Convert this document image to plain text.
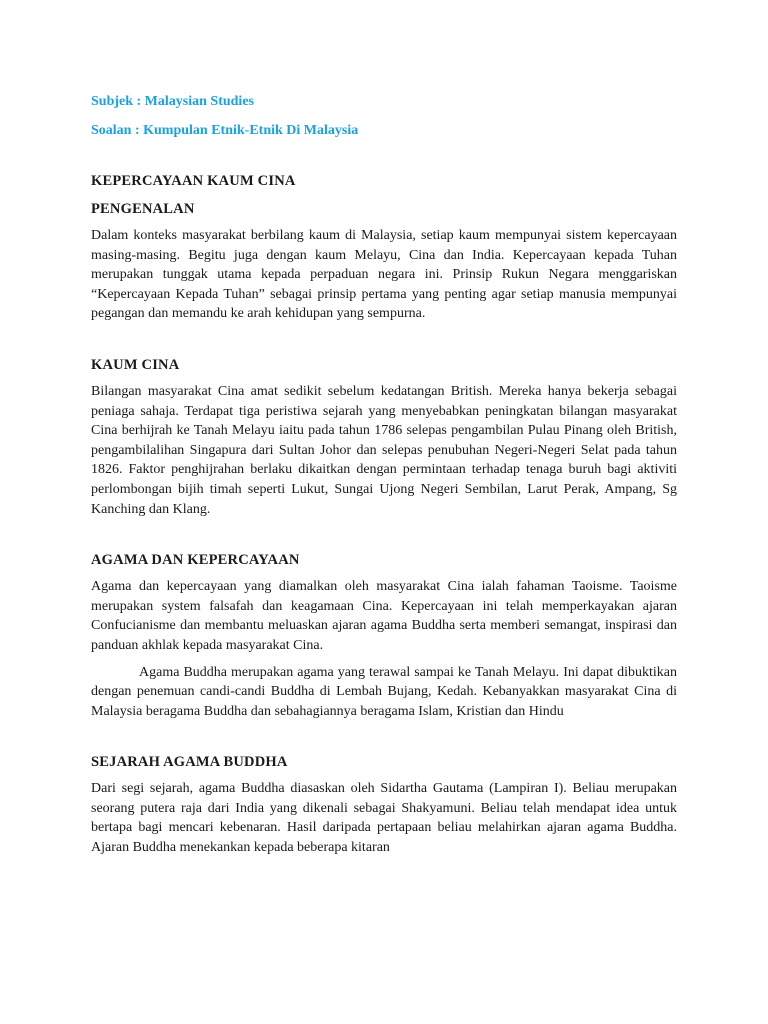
Subjek : Malaysian Studies

Soalan : Kumpulan Etnik-Etnik Di Malaysia

KEPERCAYAAN KAUM CINA
PENGENALAN

Dalam konteks masyarakat berbilang kaum di Malaysia, setiap kaum mempunyai sistem kepercayaan masing-masing. Begitu juga dengan kaum Melayu, Cina dan India. Kepercayaan kepada Tuhan merupakan tunggak utama kepada perpaduan negara ini. Prinsip Rukun Negara menggariskan “Kepercayaan Kepada Tuhan” sebagai prinsip pertama yang penting agar setiap manusia mempunyai pegangan dan memandu ke arah kehidupan yang sempurna.

KAUM CINA

Bilangan masyarakat Cina amat sedikit sebelum kedatangan British. Mereka hanya bekerja sebagai peniaga sahaja. Terdapat tiga peristiwa sejarah yang menyebabkan peningkatan bilangan masyarakat Cina berhijrah ke Tanah Melayu iaitu pada tahun 1786 selepas pengambilan Pulau Pinang oleh British, pengambilalihan Singapura dari Sultan Johor dan selepas penubuhan Negeri-Negeri Selat pada tahun 1826. Faktor penghijrahan berlaku dikaitkan dengan permintaan terhadap tenaga buruh bagi aktiviti perlombongan bijih timah seperti Lukut, Sungai Ujong Negeri Sembilan, Larut Perak, Ampang, Sg Kanching dan Klang.

AGAMA DAN KEPERCAYAAN

Agama dan kepercayaan yang diamalkan oleh masyarakat Cina ialah fahaman Taoisme. Taoisme merupakan system falsafah dan keagamaan Cina. Kepercayaan ini telah memperkayakan ajaran Confucianisme dan membantu meluaskan ajaran agama Buddha serta memberi semangat, inspirasi dan panduan akhlak kepada masyarakat Cina.

Agama Buddha merupakan agama yang terawal sampai ke Tanah Melayu. Ini dapat dibuktikan dengan penemuan candi-candi Buddha di Lembah Bujang, Kedah. Kebanyakkan masyarakat Cina di Malaysia beragama Buddha dan sebahagiannya beragama Islam, Kristian dan Hindu

SEJARAH AGAMA BUDDHA

Dari segi sejarah, agama Buddha diasaskan oleh Sidartha Gautama (Lampiran I). Beliau merupakan seorang putera raja dari India yang dikenali sebagai Shakyamuni. Beliau telah mendapat idea untuk bertapa bagi mencari kebenaran. Hasil daripada pertapaan beliau melahirkan ajaran agama Buddha. Ajaran Buddha menekankan kepada beberapa kitaran
